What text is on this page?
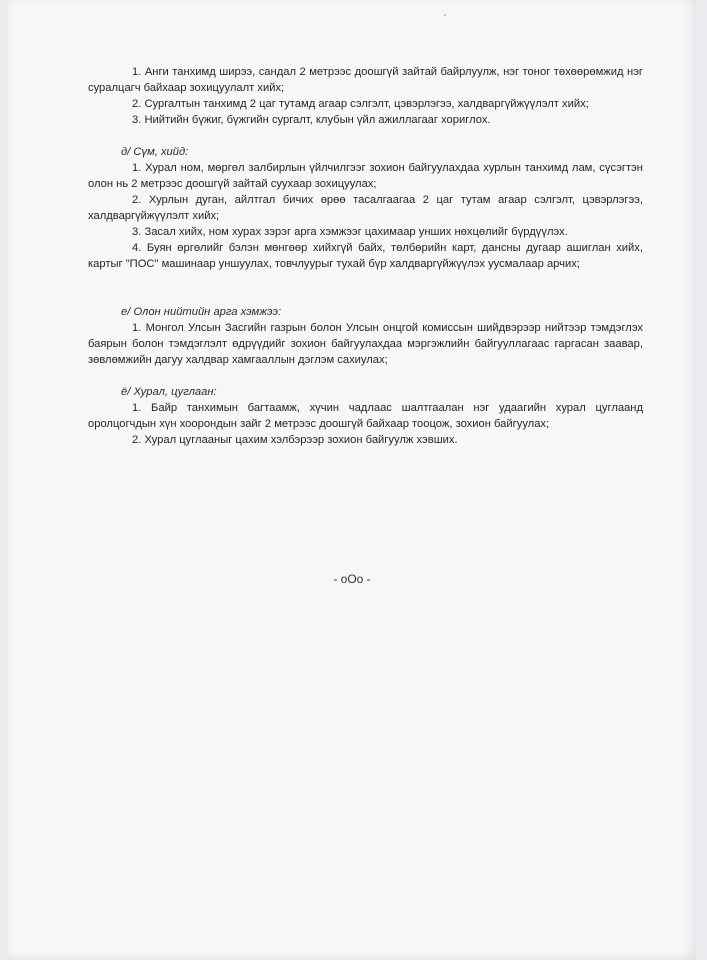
1. Анги танхимд ширээ, сандал 2 метрээс доошгүй зайтай байрлуулж, нэг тоног төхөөрөмжид нэг суралцагч байхаар зохицуулалт хийх;

2. Сургалтын танхимд 2 цаг тутамд агаар сэлгэлт, цэвэрлэгээ, халдваргүйжүүлэлт хийх;

3. Нийтийн бүжиг, бүжгийн сургалт, клубын үйл ажиллагааг хориглох.

д/ Сүм, хийд:

1. Хурал ном, мөргөл залбирлын үйлчилгээг зохион байгуулахдаа хурлын танхимд лам, сүсэгтэн олон нь 2 метрээс доошгүй зайтай суухаар зохицуулах;

2. Хурлын дуган, айлтгал бичих өрөө тасалгаагаа 2 цаг тутам агаар сэлгэлт, цэвэрлэгээ, халдваргүйжүүлэлт хийх;

3. Засал хийх, ном хурах зэрэг арга хэмжээг цахимаар унших нөхцөлийг бүрдүүлэх.

4. Буян өргөлийг бэлэн мөнгөөр хийхгүй байх, төлбөрийн карт, дансны дугаар ашиглан хийх, картыг "ПОС" машинаар уншуулах, товчлуурыг тухай бүр халдваргүйжүүлэх уусмалаар арчих;

е/ Олон нийтийн арга хэмжээ:

1. Монгол Улсын Засгийн газрын болон Улсын онцгой комиссын шийдвэрээр нийтээр тэмдэглэх баярын болон тэмдэглэлт өдрүүдийг зохион байгуулахдаа мэргэжлийн байгууллагаас гаргасан заавар, зөвлөмжийн дагуу халдвар хамгааллын дэглэм сахиулах;

ё/ Хурал, цуглаан:

1. Байр танхимын багтаамж, хүчин чадлаас шалтгаалан нэг удаагийн хурал цуглаанд оролцогчдын хүн хоорондын зайг 2 метрээс доошгүй байхаар тооцож, зохион байгуулах;

2. Хурал цуглааныг цахим хэлбэрээр зохион байгуулж хэвших.

- оОо -
